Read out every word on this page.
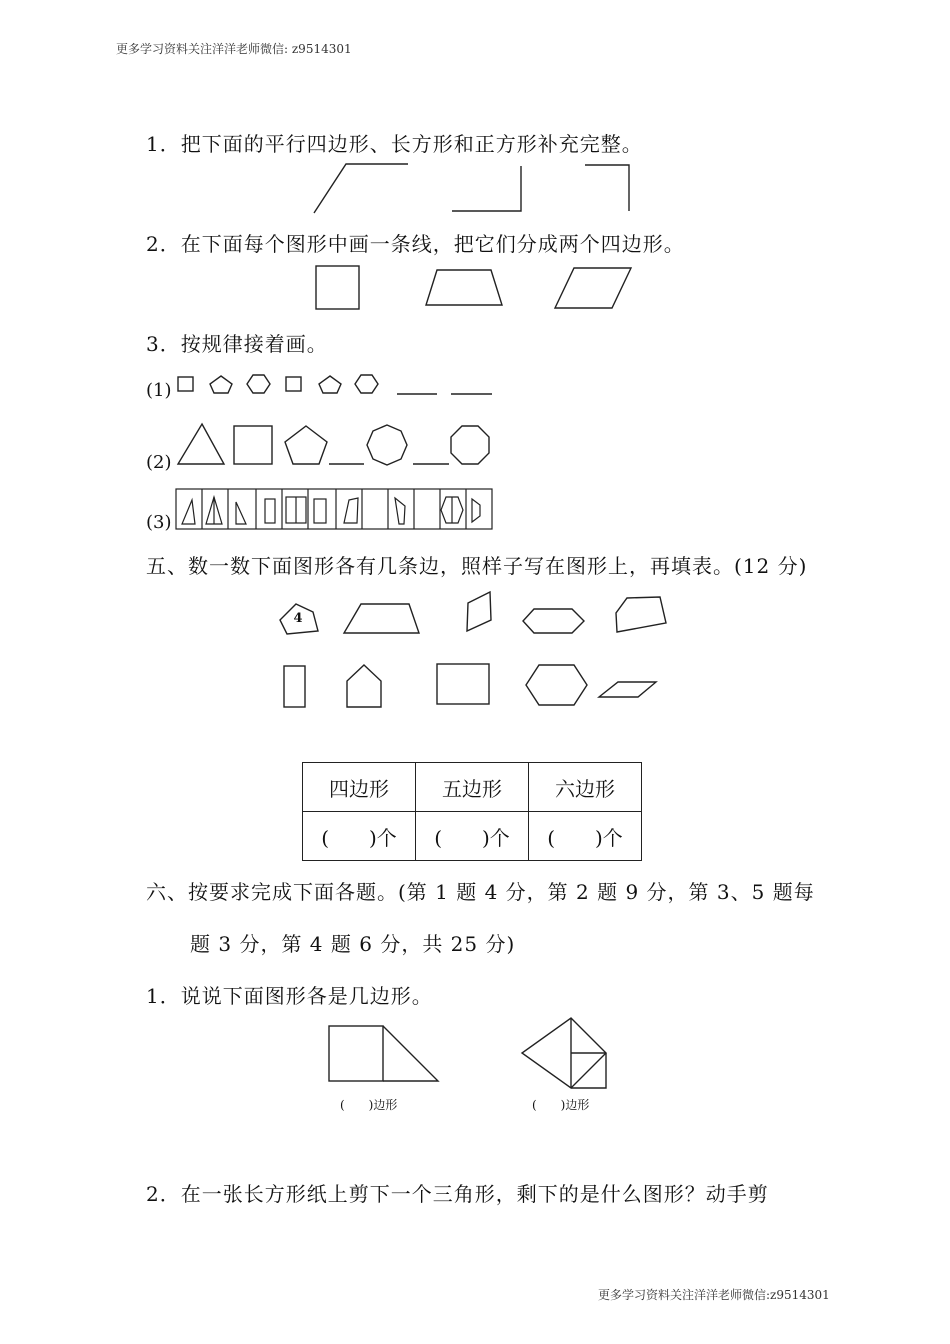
更多学习资料关注洋洋老师微信: z9514301
1．把下面的平行四边形、长方形和正方形补充完整。
2．在下面每个图形中画一条线，把它们分成两个四边形。
3．按规律接着画。
(1)
(2)
(3)
五、数一数下面图形各有几条边，照样子写在图形上，再填表。(12 分)
4
四边形	五边形	六边形
(　　)个	(　　)个	(　　)个
六、按要求完成下面各题。(第 1 题 4 分，第 2 题 9 分，第 3、5 题每
题 3 分，第 4 题 6 分，共 25 分)
1．说说下面图形各是几边形。
(　　)边形	(　　)边形
2．在一张长方形纸上剪下一个三角形，剩下的是什么图形？动手剪
更多学习资料关注洋洋老师微信:z9514301
